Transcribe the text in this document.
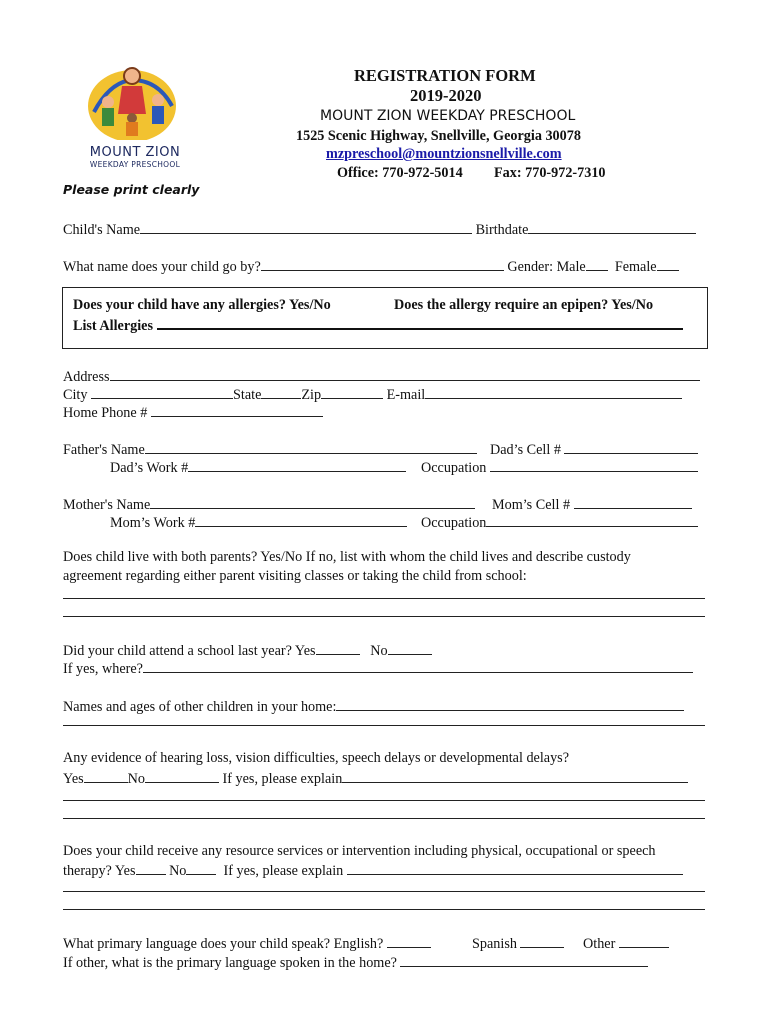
MOUNT ZION
WEEKDAY PRESCHOOL
REGISTRATION FORM
2019-2020
MOUNT ZION WEEKDAY PRESCHOOL
1525 Scenic Highway, Snellville, Georgia 30078
mzpreschool@mountzionsnellville.com
Office: 770-972-5014 Fax: 770-972-7310
Please print clearly
Child's Name	Birthdate
What name does your child go by?	Gender: Male Female
Does your child have any allergies? Yes/No	Does the allergy require an epipen? Yes/No
List Allergies
Address
City	State	Zip	E-mail
Home Phone #
Father's Name	Dad’s Cell #
Dad’s Work #	Occupation
Mother's Name	Mom’s Cell #
Mom’s Work #	Occupation
Does child live with both parents? Yes/No If no, list with whom the child lives and describe custody
agreement regarding either parent visiting classes or taking the child from school:
Did your child attend a school last year? Yes	No
If yes, where?
Names and ages of other children in your home:
Any evidence of hearing loss, vision difficulties, speech delays or developmental delays?
Yes	No	If yes, please explain
Does your child receive any resource services or intervention including physical, occupational or speech
therapy? Yes No	If yes, please explain
What primary language does your child speak? English?	Spanish	Other
If other, what is the primary language spoken in the home?
